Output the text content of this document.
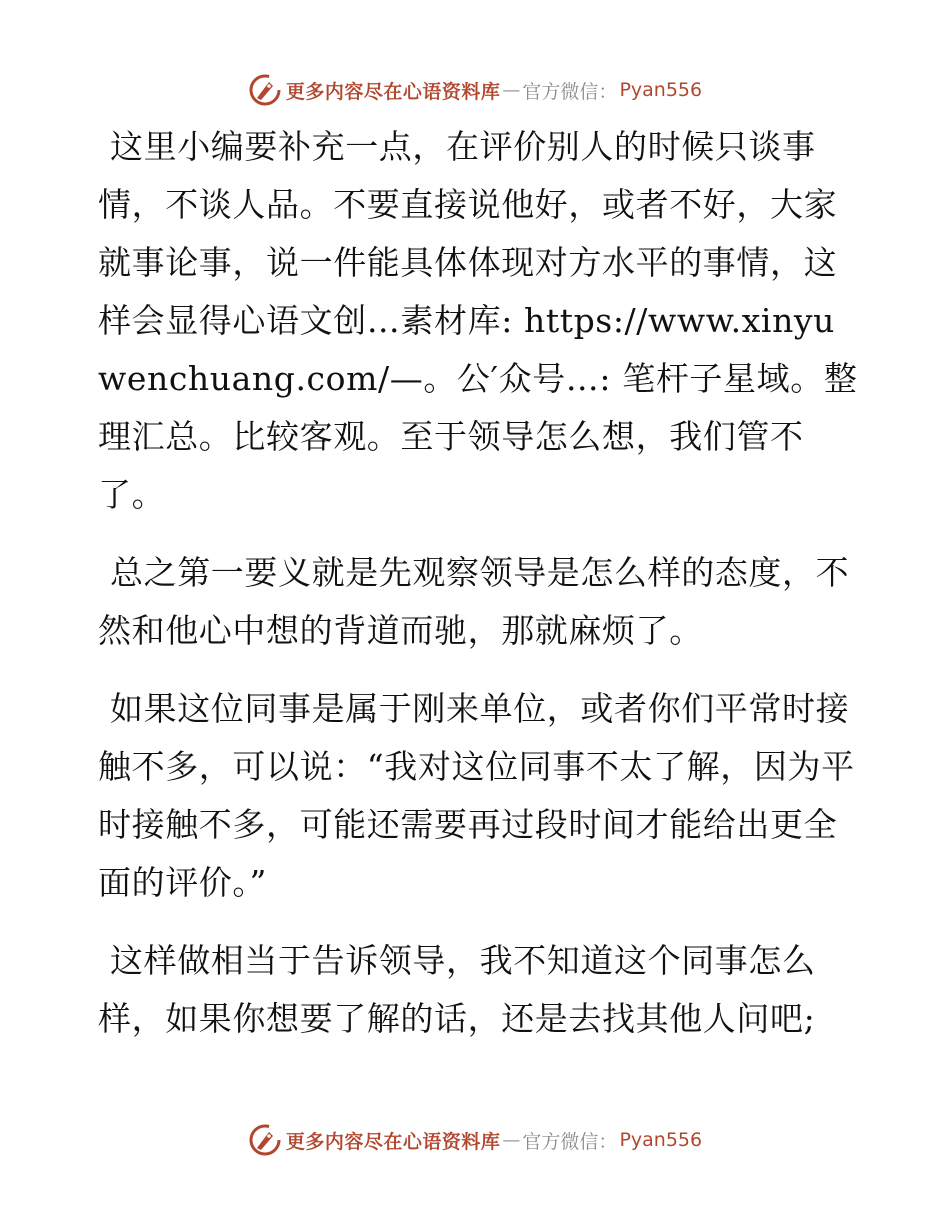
更多内容尽在心语资料库 — 官方微信： Pyan556

这里小编要补充一点，在评价别人的时候只谈事情，不谈人品。不要直接说他好，或者不好，大家就事论事，说一件能具体体现对方水平的事情，这样会显得心语文创…素材库: https://www.xinyuwenchuang.com/—。公′众号…: 笔杆子星域。整理汇总。比较客观。至于领导怎么想，我们管不了。

总之第一要义就是先观察领导是怎么样的态度，不然和他心中想的背道而驰，那就麻烦了。

如果这位同事是属于刚来单位，或者你们平常时接触不多，可以说：“我对这位同事不太了解，因为平时接触不多，可能还需要再过段时间才能给出更全面的评价。”

这样做相当于告诉领导，我不知道这个同事怎么样，如果你想要了解的话，还是去找其他人问吧;

更多内容尽在心语资料库 — 官方微信： Pyan556
